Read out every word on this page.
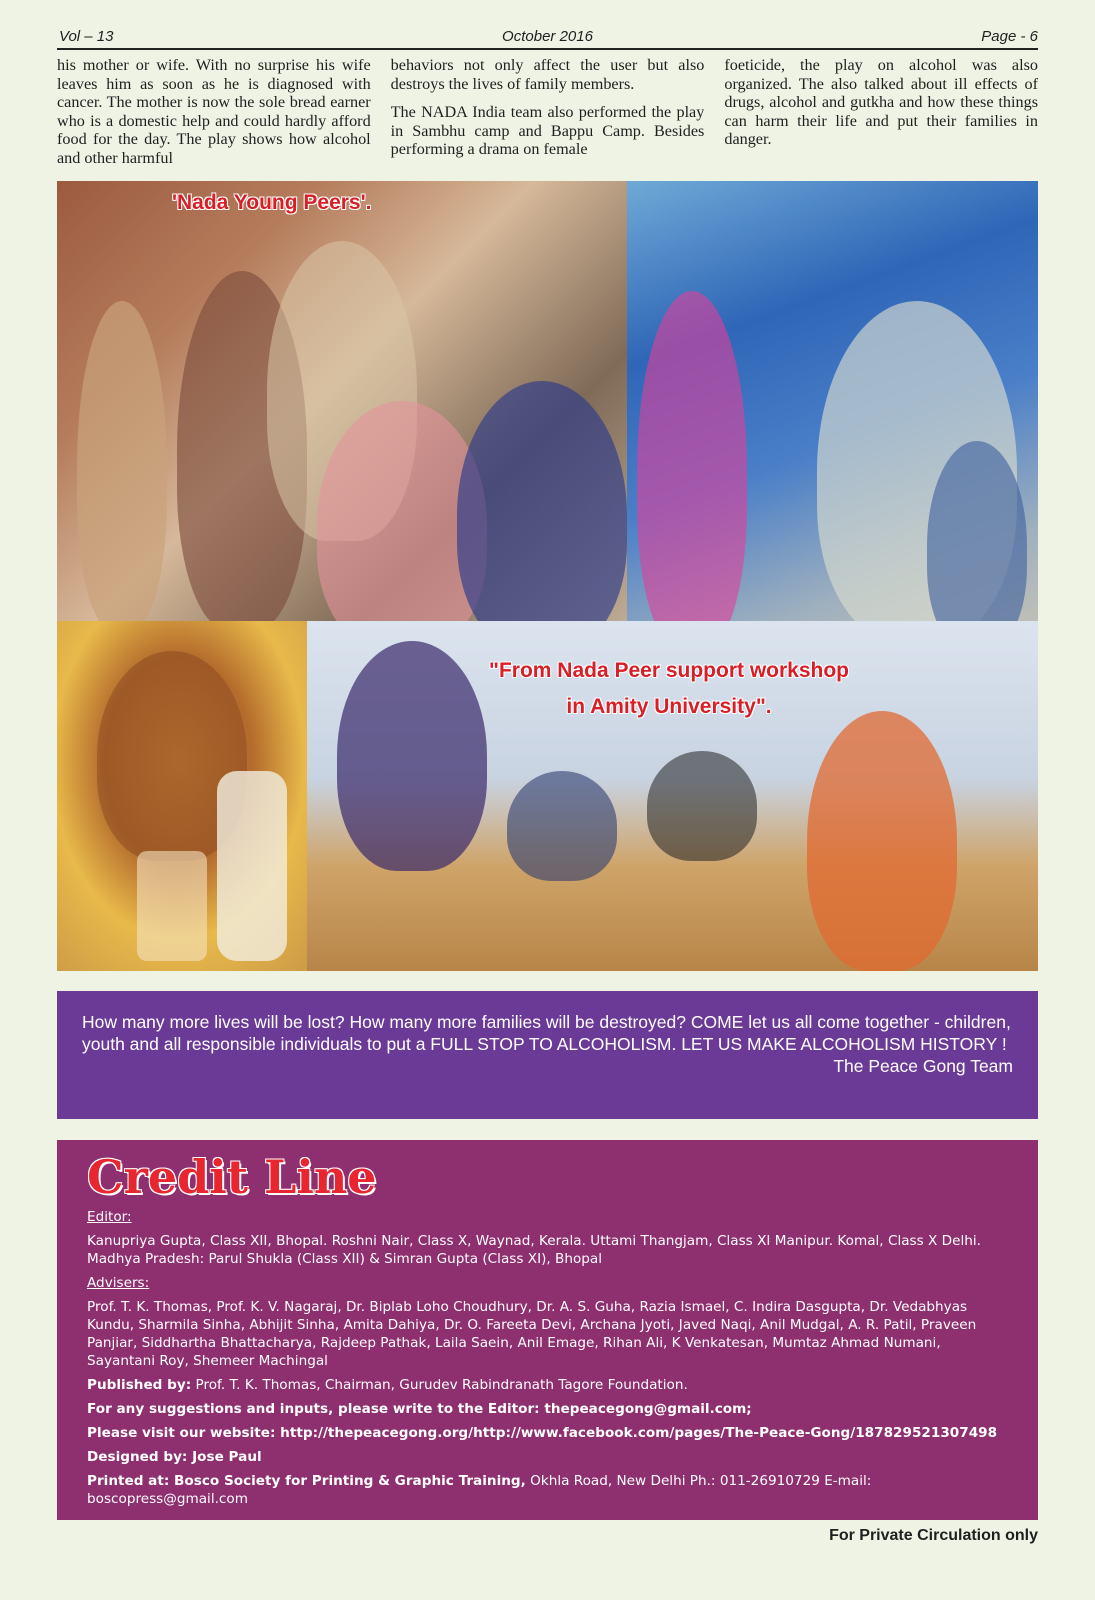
Vol – 13	October 2016	Page - 6

his mother or wife. With no surprise his wife leaves him as soon as he is diagnosed with cancer. The mother is now the sole bread earner who is a domestic help and could hardly afford food for the day. The play shows how alcohol and other harmful

behaviors not only affect the user but also destroys the lives of family members.

The NADA India team also performed the play in Sambhu camp and Bappu Camp. Besides performing a drama on female

foeticide, the play on alcohol was also organized. The also talked about ill effects of drugs, alcohol and gutkha and how these things can harm their life and put their families in danger.

'Nada Young Peers'.
"From Nada Peer support workshop
in Amity University".
How many more lives will be lost? How many more families will be destroyed? COME let us all come together - children, youth and all responsible individuals to put a FULL STOP TO ALCOHOLISM. LET US MAKE ALCOHOLISM HISTORY !
The Peace Gong Team
Credit Line
Editor:
Kanupriya Gupta, Class XII, Bhopal. Roshni Nair, Class X, Waynad, Kerala. Uttami Thangjam, Class XI Manipur. Komal, Class X Delhi. Madhya Pradesh: Parul Shukla (Class XII) & Simran Gupta (Class XI), Bhopal
Advisers:
Prof. T. K. Thomas, Prof. K. V. Nagaraj, Dr. Biplab Loho Choudhury, Dr. A. S. Guha, Razia Ismael, C. Indira Dasgupta, Dr. Vedabhyas Kundu, Sharmila Sinha, Abhijit Sinha, Amita Dahiya, Dr. O. Fareeta Devi, Archana Jyoti, Javed Naqi, Anil Mudgal, A. R. Patil, Praveen Panjiar, Siddhartha Bhattacharya, Rajdeep Pathak, Laila Saein, Anil Emage, Rihan Ali, K Venkatesan, Mumtaz Ahmad Numani, Sayantani Roy, Shemeer Machingal
Published by: Prof. T. K. Thomas, Chairman, Gurudev Rabindranath Tagore Foundation.
For any suggestions and inputs, please write to the Editor: thepeacegong@gmail.com;
Please visit our website: http://thepeacegong.org/http://www.facebook.com/pages/The-Peace-Gong/187829521307498
Designed by: Jose Paul
Printed at: Bosco Society for Printing & Graphic Training, Okhla Road, New Delhi Ph.: 011-26910729 E-mail: boscopress@gmail.com
For Private Circulation only
